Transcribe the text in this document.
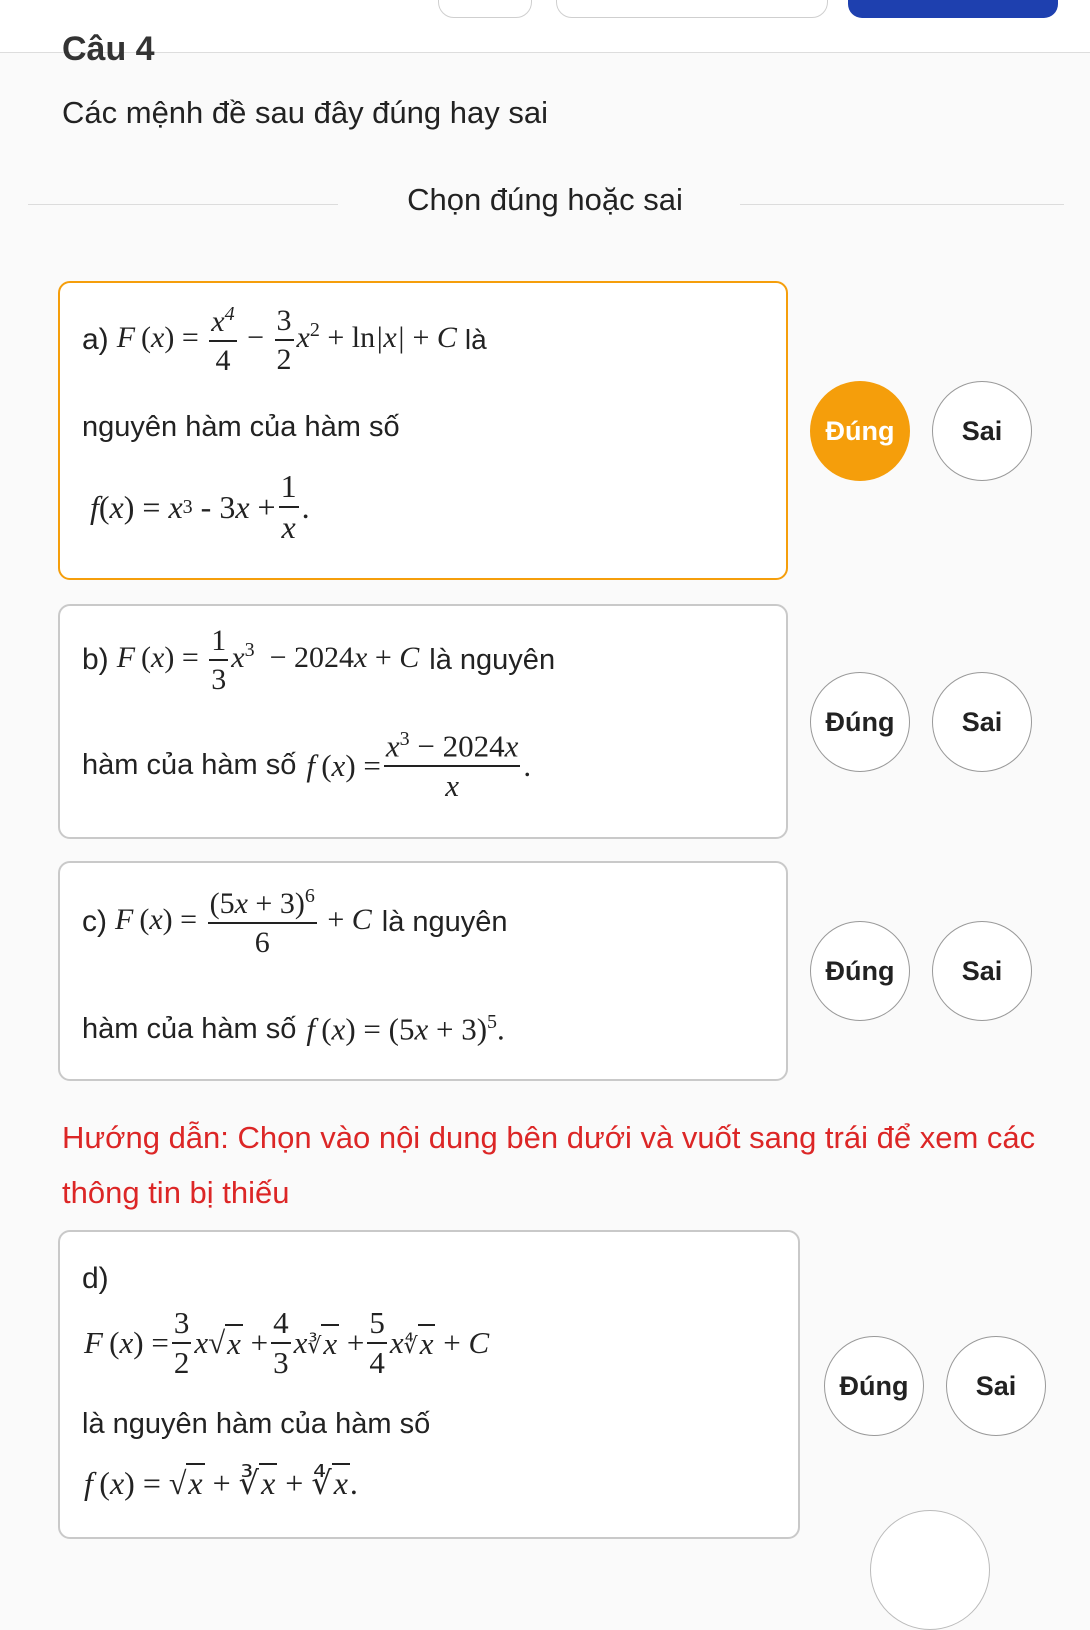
Câu 4
Các mệnh đề sau đây đúng hay sai
Chọn đúng hoặc sai
a) F $(x) = \frac{x^4}{4} - \frac{3}{2} x^2 + \ln|x| + C$ là
nguyên hàm của hàm số
f ( x ) = x 3 - 3 $x + \frac{1}{x}$ .
Đúng	Sai
b) F $(x) = \frac{1}{3} x^3 - 2024x + C$ là nguyên
hàm của hàm số f  ( x )
= $\frac{x^3 - 2024x}{x}$ .
Đúng	Sai
c) F $(x) = \frac{(5x + 3)^6}{6} + C$ là nguyên
hàm của hàm số f $(x) = (5x + 3)^5$.
Đúng	Sai
Hướng dẫn: Chọn vào nội dung bên dưới và vuốt sang trái để xem các thông tin bị thiếu
d)
F  ( x )
= $\frac{3}{2}$ x √ $x + \frac{4}{3}$ x ∛ $x + \frac{5}{4}$ x ∜ x + C
là nguyên hàm của hàm số
f (x) = √x + ∛x + ∜x.
Đúng	Sai
